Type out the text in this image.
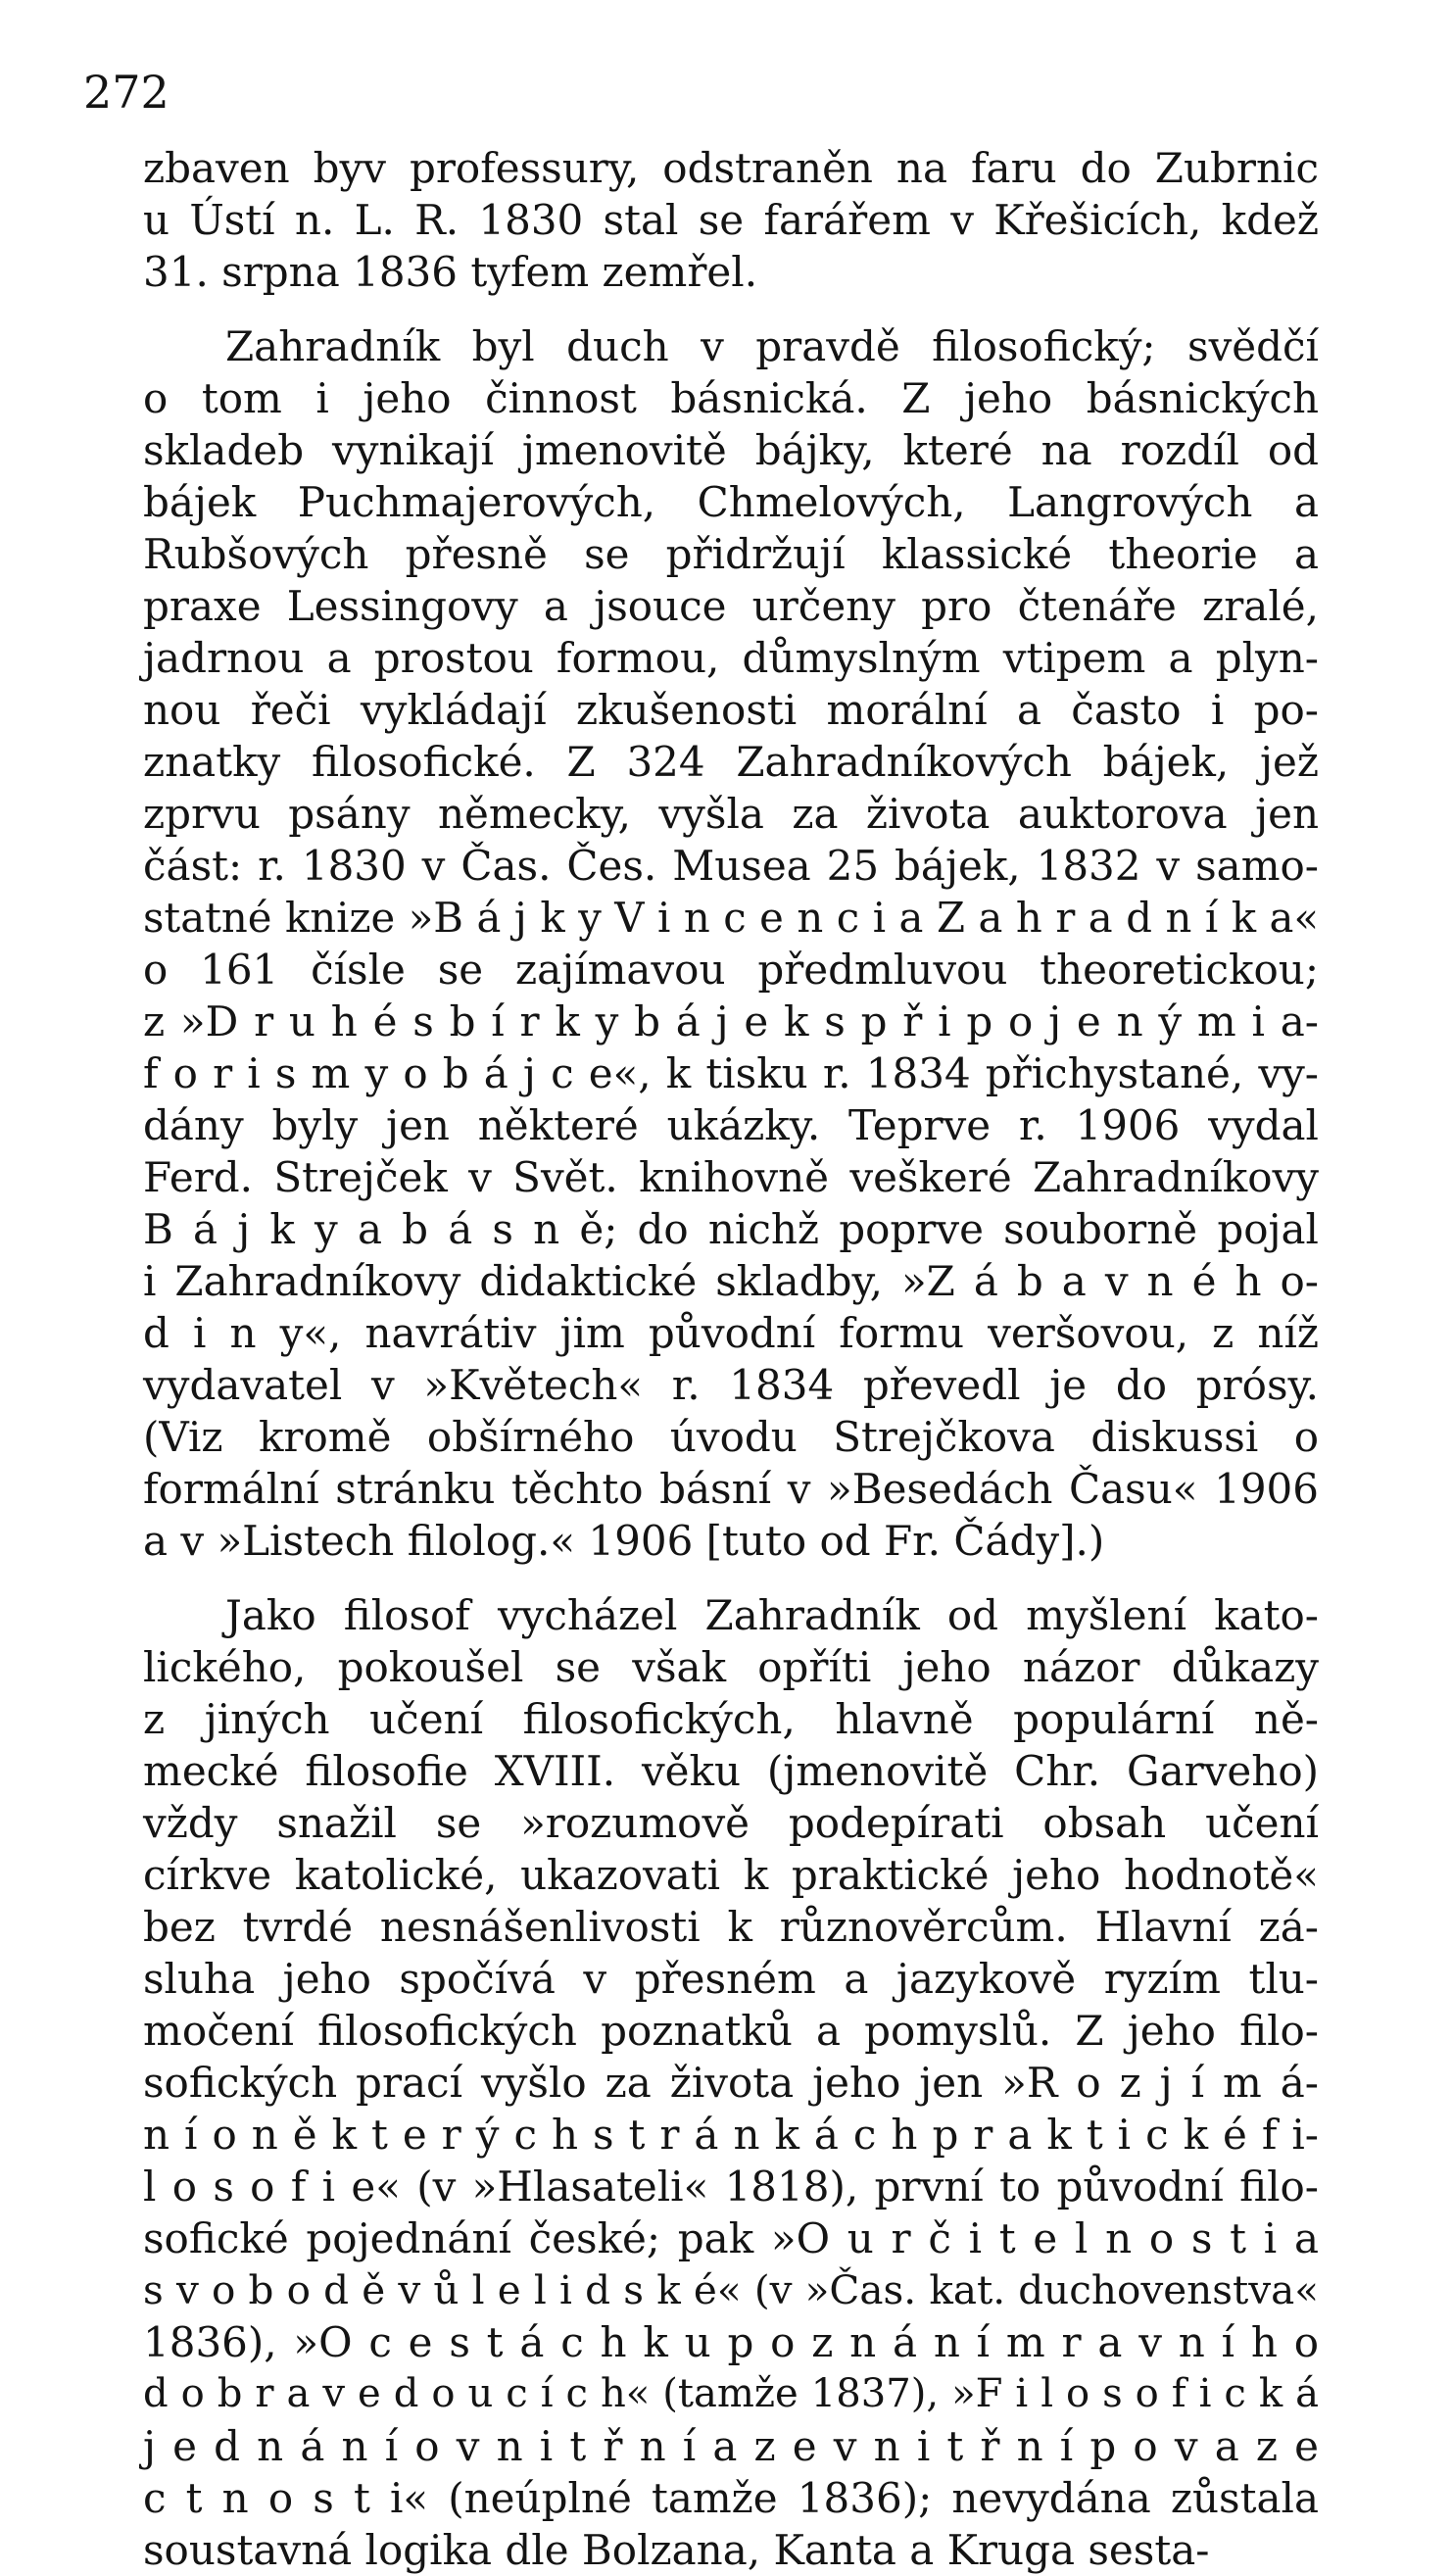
272

zbaven byv professury, odstraněn na faru do Zubrnic
u Ústí n. L. R. 1830 stal se farářem v Křešicích, kdež
31. srpna 1836 tyfem zemřel.
Zahradník byl duch v pravdě filosofický; svědčí
o tom i jeho činnost básnická. Z jeho básnických
skladeb vynikají jmenovitě bájky, které na rozdíl od
bájek Puchmajerových, Chmelových, Langrových a
Rubšových přesně se přidržují klassické theorie a
praxe Lessingovy a jsouce určeny pro čtenáře zralé,
jadrnou a prostou formou, důmyslným vtipem a plyn-
nou řeči vykládají zkušenosti morální a často i po-
znatky filosofické. Z 324 Zahradníkových bájek, jež
zprvu psány německy, vyšla za života auktorova jen
část: r. 1830 v Čas. Čes. Musea 25 bájek, 1832 v samo-
statné knize »B á j k y V i n c e n c i a Z a h r a d n í k a«
o 161 čísle se zajímavou předmluvou theoretickou;
z »D r u h é s b í r k y b á j e k s p ř i p o j e n ý m i a-
f o r i s m y o b á j c e«, k tisku r. 1834 přichystané, vy-
dány byly jen některé ukázky. Teprve r. 1906 vydal
Ferd. Strejček v Svět. knihovně veškeré Zahradníkovy
B á j k y a b á s n ě; do nichž poprve souborně pojal
i Zahradníkovy didaktické skladby, »Z á b a v n é h o-
d i n y«, navrátiv jim původní formu veršovou, z níž
vydavatel v »Květech« r. 1834 převedl je do prósy.
(Viz kromě obšírného úvodu Strejčkova diskussi o
formální stránku těchto básní v »Besedách Času« 1906
a v »Listech filolog.« 1906 [tuto od Fr. Čády].)
Jako filosof vycházel Zahradník od myšlení kato-
lického, pokoušel se však opříti jeho názor důkazy
z jiných učení filosofických, hlavně populární ně-
mecké filosofie XVIII. věku (jmenovitě Chr. Garveho)
vždy snažil se »rozumově podepírati obsah učení
církve katolické, ukazovati k praktické jeho hodnotě«
bez tvrdé nesnášenlivosti k různověrcům. Hlavní zá-
sluha jeho spočívá v přesném a jazykově ryzím tlu-
močení filosofických poznatků a pomyslů. Z jeho filo-
sofických prací vyšlo za života jeho jen »R o z j í m á-
n í o n ě k t e r ý c h s t r á n k á c h p r a k t i c k é f i-
l o s o f i e« (v »Hlasateli« 1818), první to původní filo-
sofické pojednání české; pak »O u r č i t e l n o s t i a
s v o b o d ě v ů l e l i d s k é« (v »Čas. kat. duchovenstva«
1836), »O c e s t á c h k u p o z n á n í m r a v n í h o
d o b r a v e d o u c í c h« (tamže 1837), »F i l o s o f i c k á
j e d n á n í o v n i t ř n í a z e v n i t ř n í p o v a z e
c t n o s t i« (neúplné tamže 1836); nevydána zůstala
soustavná logika dle Bolzana, Kanta a Kruga sesta-
